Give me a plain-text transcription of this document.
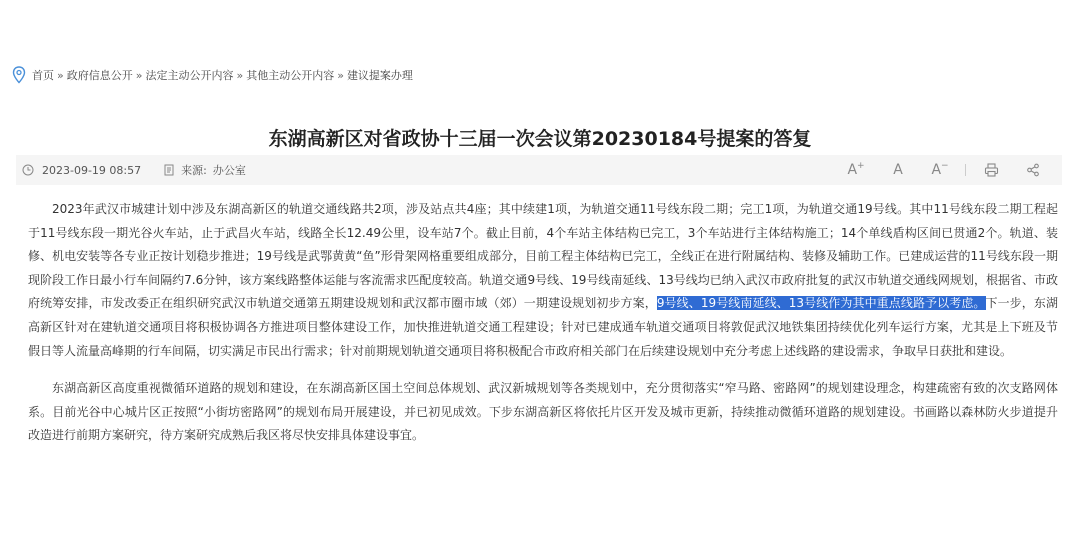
首页 » 政府信息公开 » 法定主动公开内容 » 其他主动公开内容 » 建议提案办理
东湖高新区对省政协十三届一次会议第20230184号提案的答复
2023-09-19 08:57	来源: 办公室	A+ A A−

2023年武汉市城建计划中涉及东湖高新区的轨道交通线路共2项，涉及站点共4座；其中续建1项，为轨道交通11号线东段二期；完工1项，为轨道交通19号线。其中11号线东段二期工程起于11号线东段一期光谷火车站，止于武昌火车站，线路全长12.49公里，设车站7个。截止目前，4个车站主体结构已完工，3个车站进行主体结构施工；14个单线盾构区间已贯通2个。轨道、装修、机电安装等各专业正按计划稳步推进；19号线是武鄂黄黄“鱼”形骨架网格重要组成部分，目前工程主体结构已完工，全线正在进行附属结构、装修及辅助工作。已建成运营的11号线东段一期现阶段工作日最小行车间隔约7.6分钟，该方案线路整体运能与客流需求匹配度较高。轨道交通9号线、19号线南延线、13号线均已纳入武汉市政府批复的武汉市轨道交通线网规划，根据省、市政府统筹安排，市发改委正在组织研究武汉市轨道交通第五期建设规划和武汉都市圈市域（郊）一期建设规划初步方案，9号线、19号线南延线、13号线作为其中重点线路予以考虑。下一步，东湖高新区针对在建轨道交通项目将积极协调各方推进项目整体建设工作，加快推进轨道交通工程建设；针对已建成通车轨道交通项目将敦促武汉地铁集团持续优化列车运行方案，尤其是上下班及节假日等人流量高峰期的行车间隔，切实满足市民出行需求；针对前期规划轨道交通项目将积极配合市政府相关部门在后续建设规划中充分考虑上述线路的建设需求，争取早日获批和建设。

东湖高新区高度重视微循环道路的规划和建设，在东湖高新区国土空间总体规划、武汉新城规划等各类规划中，充分贯彻落实“窄马路、密路网”的规划建设理念，构建疏密有致的次支路网体系。目前光谷中心城片区正按照“小街坊密路网”的规划布局开展建设，并已初见成效。下步东湖高新区将依托片区开发及城市更新，持续推动微循环道路的规划建设。书画路以森林防火步道提升改造进行前期方案研究，待方案研究成熟后我区将尽快安排具体建设事宜。
